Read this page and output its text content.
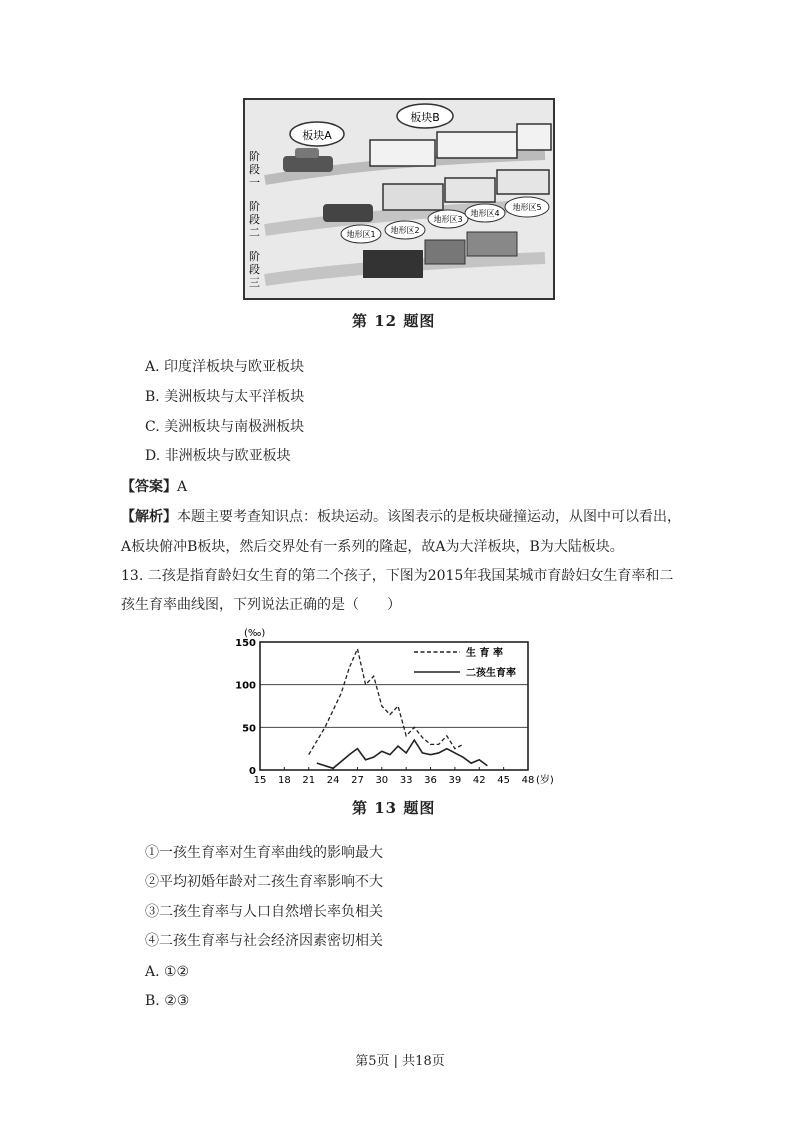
板块A
板块B
地形区1 地形区2
地形区3
地形区4
地形区5
阶段一
阶段二
阶段三
第 12 题图
A. 印度洋板块与欧亚板块
B. 美洲板块与太平洋板块
C. 美洲板块与南极洲板块
D. 非洲板块与欧亚板块
【答案】A
【解析】本题主要考查知识点：板块运动。该图表示的是板块碰撞运动，从图中可以看出，
A板块俯冲B板块，然后交界处有一系列的隆起，故A为大洋板块，B为大陆板块。
13. 二孩是指育龄妇女生育的第二个孩子，下图为2015年我国某城市育龄妇女生育率和二
孩生育率曲线图，下列说法正确的是（　　）
0
50
100
150
15 18 21 24 27 30 33 36 39 42 45 48
生 育 率
二孩生育率
(‰)
(岁)
第 13 题图
①一孩生育率对生育率曲线的影响最大
②平均初婚年龄对二孩生育率影响不大
③二孩生育率与人口自然增长率负相关
④二孩生育率与社会经济因素密切相关
A. ①②
B. ②③
第5页 | 共18页
